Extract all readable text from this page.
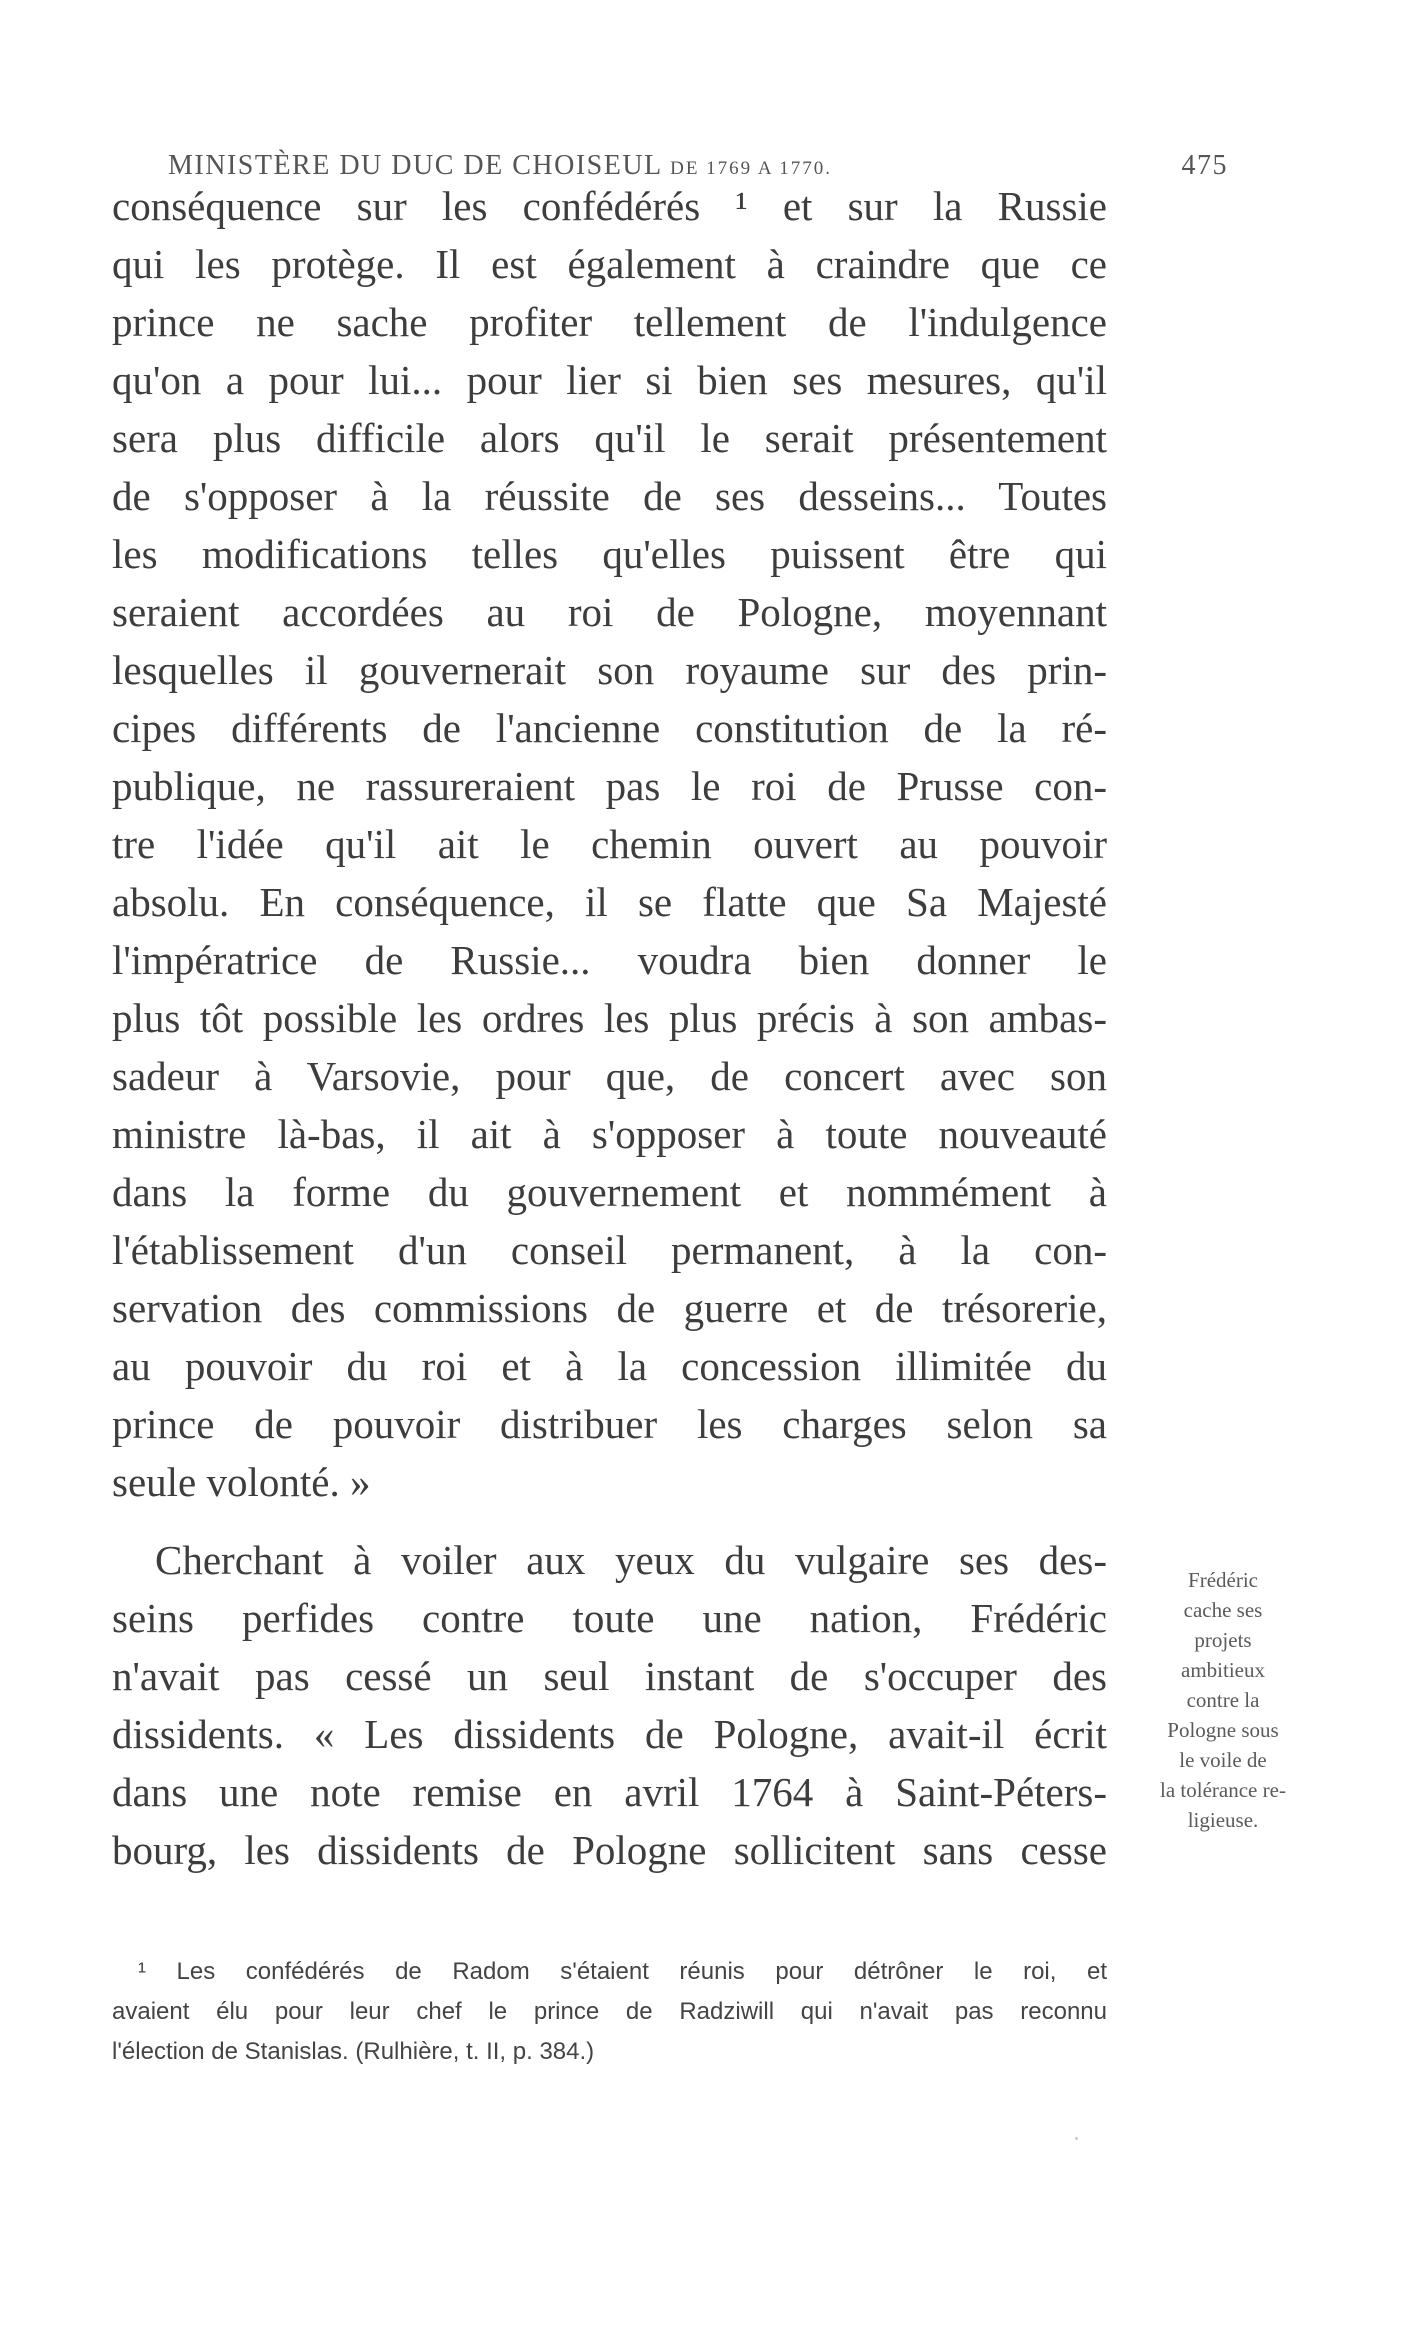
MINISTÈRE DU DUC DE CHOISEUL DE 1769 A 1770.	475
conséquence sur les confédérés ¹ et sur la Russie
qui les protège. Il est également à craindre que ce
prince ne sache profiter tellement de l'indulgence
qu'on a pour lui... pour lier si bien ses mesures, qu'il
sera plus difficile alors qu'il le serait présentement
de s'opposer à la réussite de ses desseins... Toutes
les modifications telles qu'elles puissent être qui
seraient accordées au roi de Pologne, moyennant
lesquelles il gouvernerait son royaume sur des prin-
cipes différents de l'ancienne constitution de la ré-
publique, ne rassureraient pas le roi de Prusse con-
tre l'idée qu'il ait le chemin ouvert au pouvoir
absolu. En conséquence, il se flatte que Sa Majesté
l'impératrice de Russie... voudra bien donner le
plus tôt possible les ordres les plus précis à son ambas-
sadeur à Varsovie, pour que, de concert avec son
ministre là-bas, il ait à s'opposer à toute nouveauté
dans la forme du gouvernement et nommément à
l'établissement d'un conseil permanent, à la con-
servation des commissions de guerre et de trésorerie,
au pouvoir du roi et à la concession illimitée du
prince de pouvoir distribuer les charges selon sa
seule volonté. »
Cherchant à voiler aux yeux du vulgaire ses des-
seins perfides contre toute une nation, Frédéric
n'avait pas cessé un seul instant de s'occuper des
dissidents. « Les dissidents de Pologne, avait-il écrit
dans une note remise en avril 1764 à Saint-Péters-
bourg, les dissidents de Pologne sollicitent sans cesse
Frédéric
cache ses
projets
ambitieux
contre la
Pologne sous
le voile de
la tolérance re-
ligieuse.
¹ Les confédérés de Radom s'étaient réunis pour détrôner le roi, et
avaient élu pour leur chef le prince de Radziwill qui n'avait pas reconnu
l'élection de Stanislas. (Rulhière, t. II, p. 384.)
